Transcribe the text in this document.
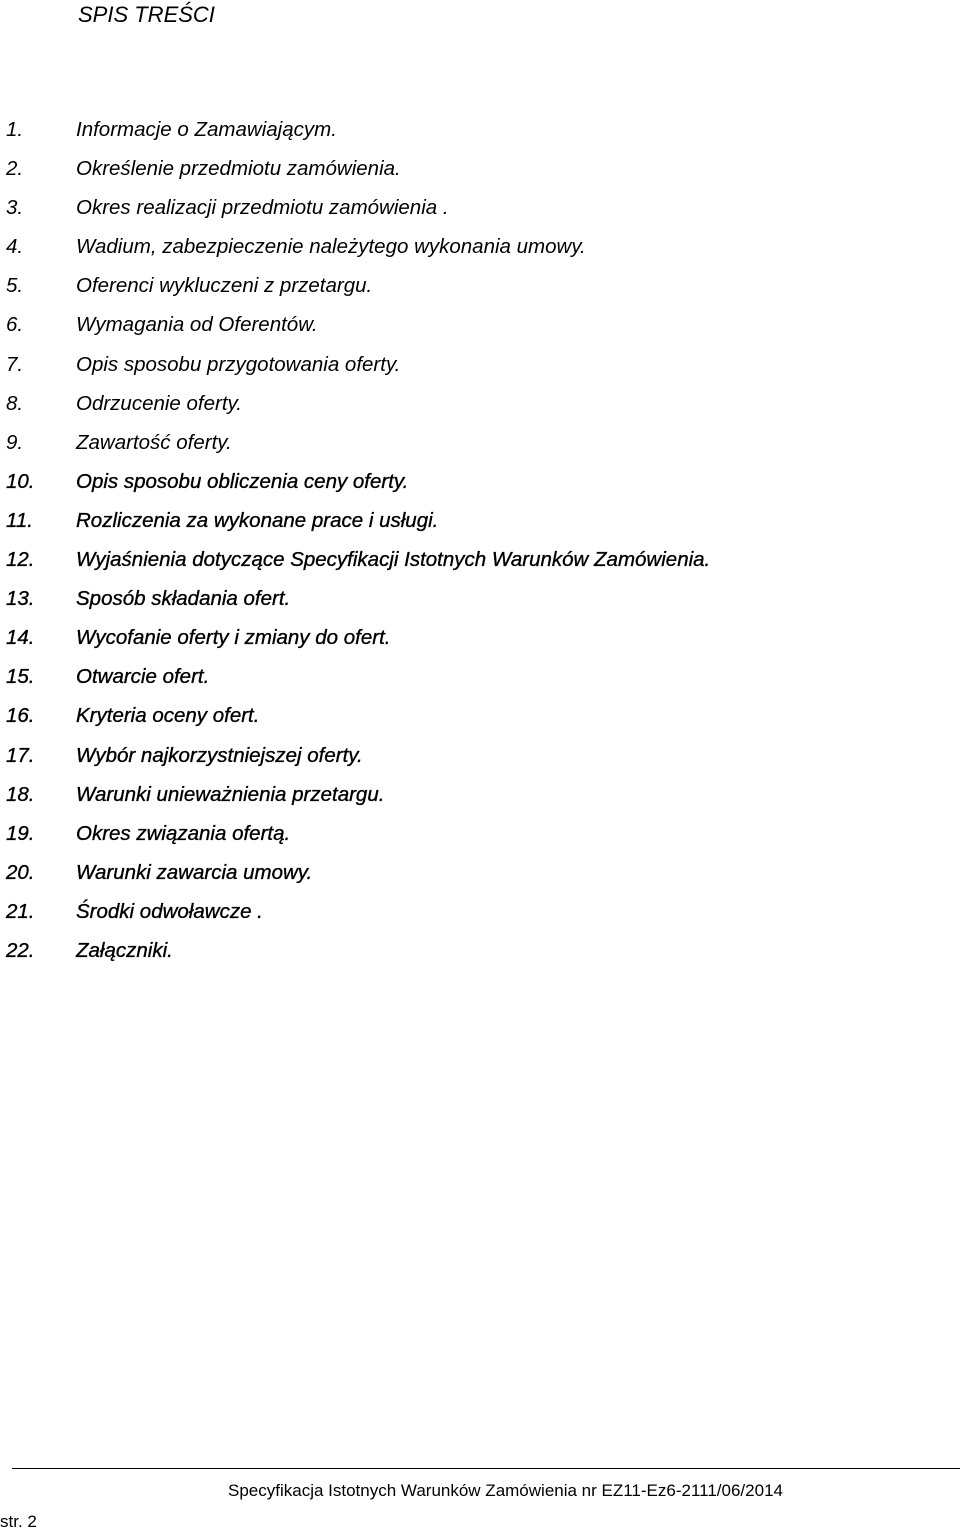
SPIS TREŚCI
1.	Informacje o Zamawiającym.
2.	Określenie przedmiotu zamówienia.
3.	Okres realizacji przedmiotu zamówienia .
4.	Wadium, zabezpieczenie należytego wykonania umowy.
5.	Oferenci wykluczeni z przetargu.
6.	Wymagania od Oferentów.
7.	Opis sposobu przygotowania oferty.
8.	Odrzucenie oferty.
9.	Zawartość oferty.
10. Opis sposobu obliczenia ceny oferty.
11. Rozliczenia za wykonane prace i usługi.
12. Wyjaśnienia dotyczące Specyfikacji Istotnych Warunków Zamówienia.
13. Sposób składania ofert.
14. Wycofanie oferty i zmiany do ofert.
15. Otwarcie ofert.
16. Kryteria oceny ofert.
17. Wybór najkorzystniejszej oferty.
18. Warunki unieważnienia przetargu.
19. Okres związania ofertą.
20. Warunki zawarcia umowy.
21. Środki odwoławcze .
22. Załączniki.
Specyfikacja Istotnych Warunków Zamówienia nr EZ11-Ez6-2111/06/2014
str. 2
